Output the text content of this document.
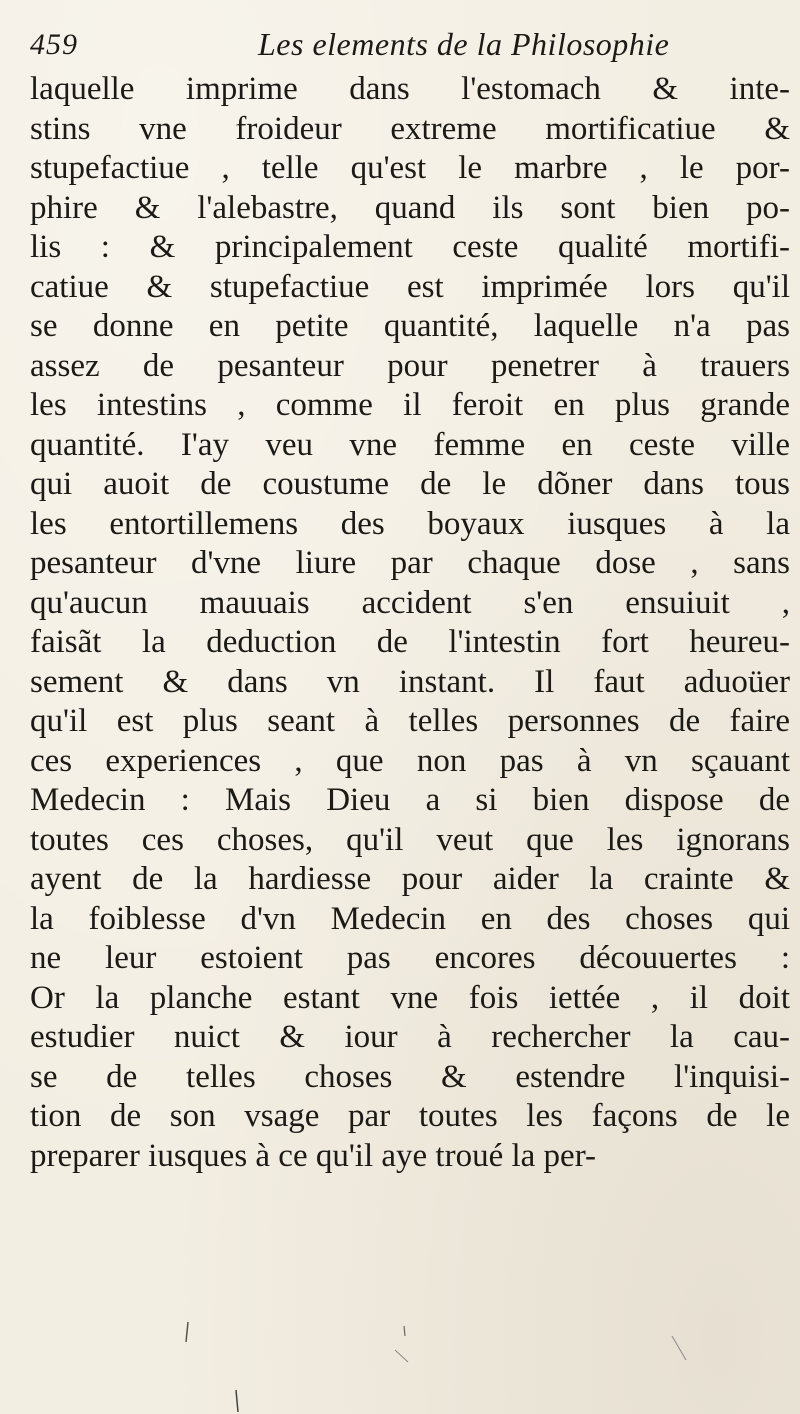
459	Les elements de la Philosophie
laquelle imprime dans l'estomach & inte-
stins vne froideur extreme mortificatiue &
stupefactiue , telle qu'est le marbre , le por-
phire & l'alebastre, quand ils sont bien po-
lis : & principalement ceste qualité mortifi-
catiue & stupefactiue est imprimée lors qu'il
se donne en petite quantité, laquelle n'a pas
assez de pesanteur pour penetrer à trauers
les intestins , comme il feroit en plus grande
quantité. I'ay veu vne femme en ceste ville
qui auoit de coustume de le dõner dans tous
les entortillemens des boyaux iusques à la
pesanteur d'vne liure par chaque dose , sans
qu'aucun mauuais accident s'en ensuiuit ,
faisãt la deduction de l'intestin fort heureu-
sement & dans vn instant. Il faut aduoüer
qu'il est plus seant à telles personnes de faire
ces experiences , que non pas à vn sçauant
Medecin : Mais Dieu a si bien dispose de
toutes ces choses, qu'il veut que les ignorans
ayent de la hardiesse pour aider la crainte &
la foiblesse d'vn Medecin en des choses qui
ne leur estoient pas encores découuertes :
Or la planche estant vne fois iettée , il doit
estudier nuict & iour à rechercher la cau-
se de telles choses & estendre l'inquisi-
tion de son vsage par toutes les façons de le
preparer iusques à ce qu'il aye troué la per-
